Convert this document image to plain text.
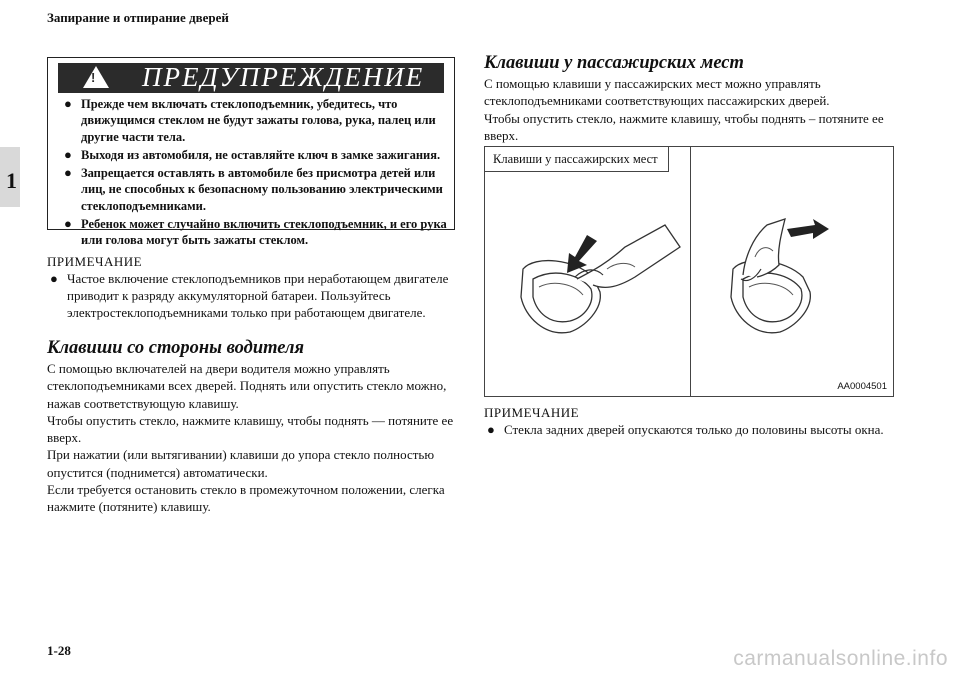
Запирание и отпирание дверей
1
! ПРЕДУПРЕЖДЕНИЕ
● Прежде чем включать стеклоподъемник, убедитесь, что движущимся стеклом не будут зажаты голова, рука, палец или другие части тела.
● Выходя из автомобиля, не оставляйте ключ в замке зажигания.
● Запрещается оставлять в автомобиле без присмотра детей или лиц, не способных к безопасному пользованию электрическими стеклоподъемниками.
● Ребенок может случайно включить стеклоподъемник, и его рука или голова могут быть зажаты стеклом.
ПРИМЕЧАНИЕ
● Частое включение стеклоподъемников при неработающем двигателе приводит к разряду аккумуляторной батареи. Пользуйтесь электростеклоподъемниками только при работающем двигателе.
Клавиши со стороны водителя
С помощью включателей на двери водителя можно управлять стеклоподъемниками всех дверей. Поднять или опустить стекло можно, нажав соответствующую клавишу.
Чтобы опустить стекло, нажмите клавишу, чтобы поднять — потяните ее вверх.
При нажатии (или вытягивании) клавиши до упора стекло полностью опустится (поднимется) автоматически.
Если требуется остановить стекло в промежуточном положении, слегка нажмите (потяните) клавишу.
Клавиши у пассажирских мест
С помощью клавиши у пассажирских мест можно управлять стеклоподъемниками соответствующих пассажирских дверей.
Чтобы опустить стекло, нажмите клавишу, чтобы поднять – потяните ее вверх.
Клавиши у пассажирских мест
AA0004501
ПРИМЕЧАНИЕ
● Стекла задних дверей опускаются только до половины высоты окна.
1-28	carmanualsonline.info
